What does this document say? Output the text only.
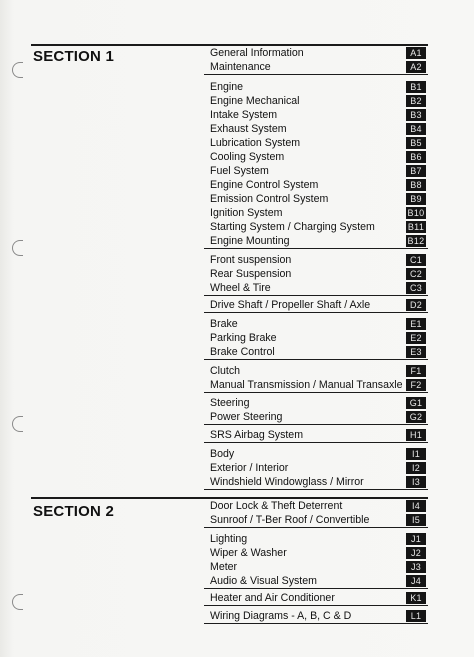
SECTION 1	General Information	A1
Maintenance	A2
Engine	B1
Engine Mechanical	B2
Intake System	B3
Exhaust System	B4
Lubrication System	B5
Cooling System	B6
Fuel System	B7
Engine Control System	B8
Emission Control System	B9
Ignition System	B10
Starting System / Charging System	B11
Engine Mounting	B12
Front suspension	C1
Rear Suspension	C2
Wheel & Tire	C3
Drive Shaft / Propeller Shaft / Axle	D2
Brake	E1
Parking Brake	E2
Brake Control	E3
Clutch	F1
Manual Transmission / Manual Transaxle F2
Steering	G1
Power Steering	G2
SRS Airbag System	H1
Body	I1
Exterior / Interior	I2
Windshield Windowglass / Mirror	I3
SECTION 2	Door Lock & Theft Deterrent	I4
Sunroof / T-Ber Roof / Convertible	I5
Lighting	J1
Wiper & Washer	J2
Meter	J3
Audio & Visual System	J4
Heater and Air Conditioner	K1
Wiring Diagrams - A, B, C & D	L1
